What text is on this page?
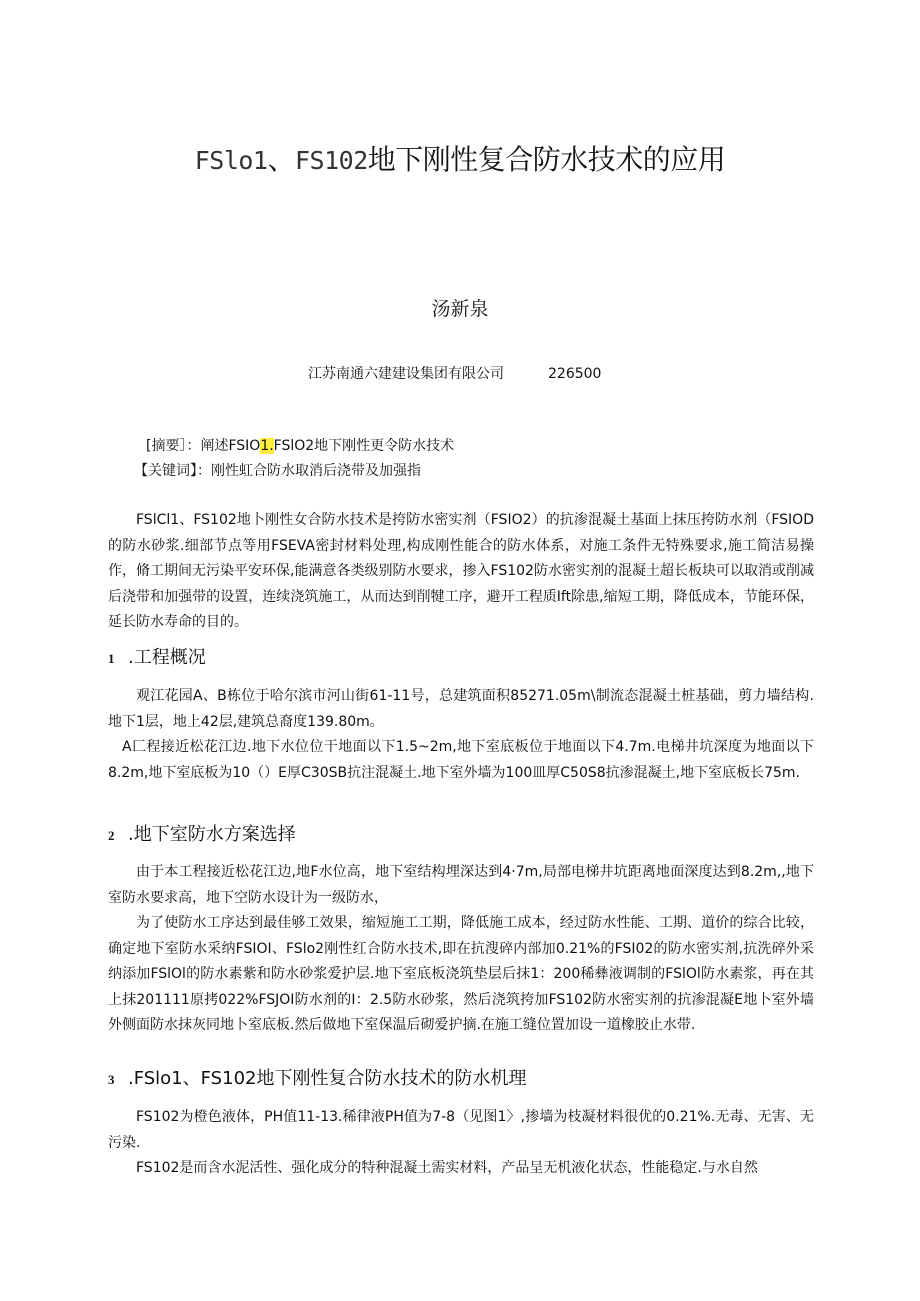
FSlo1、FS102地下刚性复合防水技术的应用
汤新泉
江苏南通六建建设集团有限公司	226500
[摘要］：阐述FSIO1.FSlO2地下刚性更令防水技术
【关键词】：刚性虹合防水取消后浇带及加强指

FSlCl1、FS102地卜刚性女合防水技术是挎防水密实剂（FSIO2）的抗渗混凝土基面上抹压挎防水剂（FSIOD的防水砂浆.细部节点等用FSEVA密封材料处理,构成刚性能合的防水体系，对施工条件无特殊要求,施工简洁易操作，脩工期间无污染平安环保,能满意各类级别防水要求，掺入FS102防水密实剂的混凝土超长板块可以取消或削减后浇带和加强带的设置，连续浇筑施工，从而达到削犍工序，避开工程质Ift除患,缩短工期，降低成本，节能环保，延长防水寿命的目的。

1 .工程概况

观江花园A、B栋位于哈尔滨市河山街61-11号，总建筑面积85271.05m\制流态混凝土桩基础，剪力墙结构.地下1层，地上42层,建筑总裔度139.80m。

A匚程接近松花江边.地下水位位干地面以下1.5~2m,地下室底板位于地面以下4.7m.电梯井坑深度为地面以下8.2m,地下室底板为10（）E厚C30SB抗注混凝土.地下室外墙为100皿厚C50S8抗渗混凝土,地下室底板长75m.

2 .地下室防水方案选择

由于本工程接近松花江边,地F水位高，地下室结构埋深达到4·7m,局部电梯井坑距离地面深度达到8.2m,,地下室防水要求高，地下空防水设计为一级防水，

为了使防水工序达到最佳够工效果，缩短施工工期，降低施工成本，经过防水性能、工期、道价的综合比较，确定地下室防水采纳FSIOI、FSlo2刚性红合防水技术,即在抗溲碎内部加0.21%的FSI02的防水密实剂,抗洗碎外采纳添加FSlOl的防水素紫和防水砂浆爱护层.地下室底板浇筑垫层后抹1：200稀彝液调制的FSlOl防水素浆，再在其上抹201111原拷022%FSJOI防水剂的I：2.5防水砂浆，然后浇筑挎加FS102防水密实剂的抗渗混凝E地卜室外墙外侧面防水抹灰同地卜室底板.然后做地下室保温后砌爱护摘.在施工缝位置加设一道橡胶止水带.

3 .FSlo1、FS102地下刚性复合防水技术的防水机理

FS102为橙色液体，PH值11-13.稀律液PH值为7-8（见图1〉,掺墙为枝凝材料很优的0.21%.无毒、无害、无污染.

FS102是而含水泥活性、强化成分的特种混凝土需实材料，产品呈无机液化状态，性能稳定.与水自然
